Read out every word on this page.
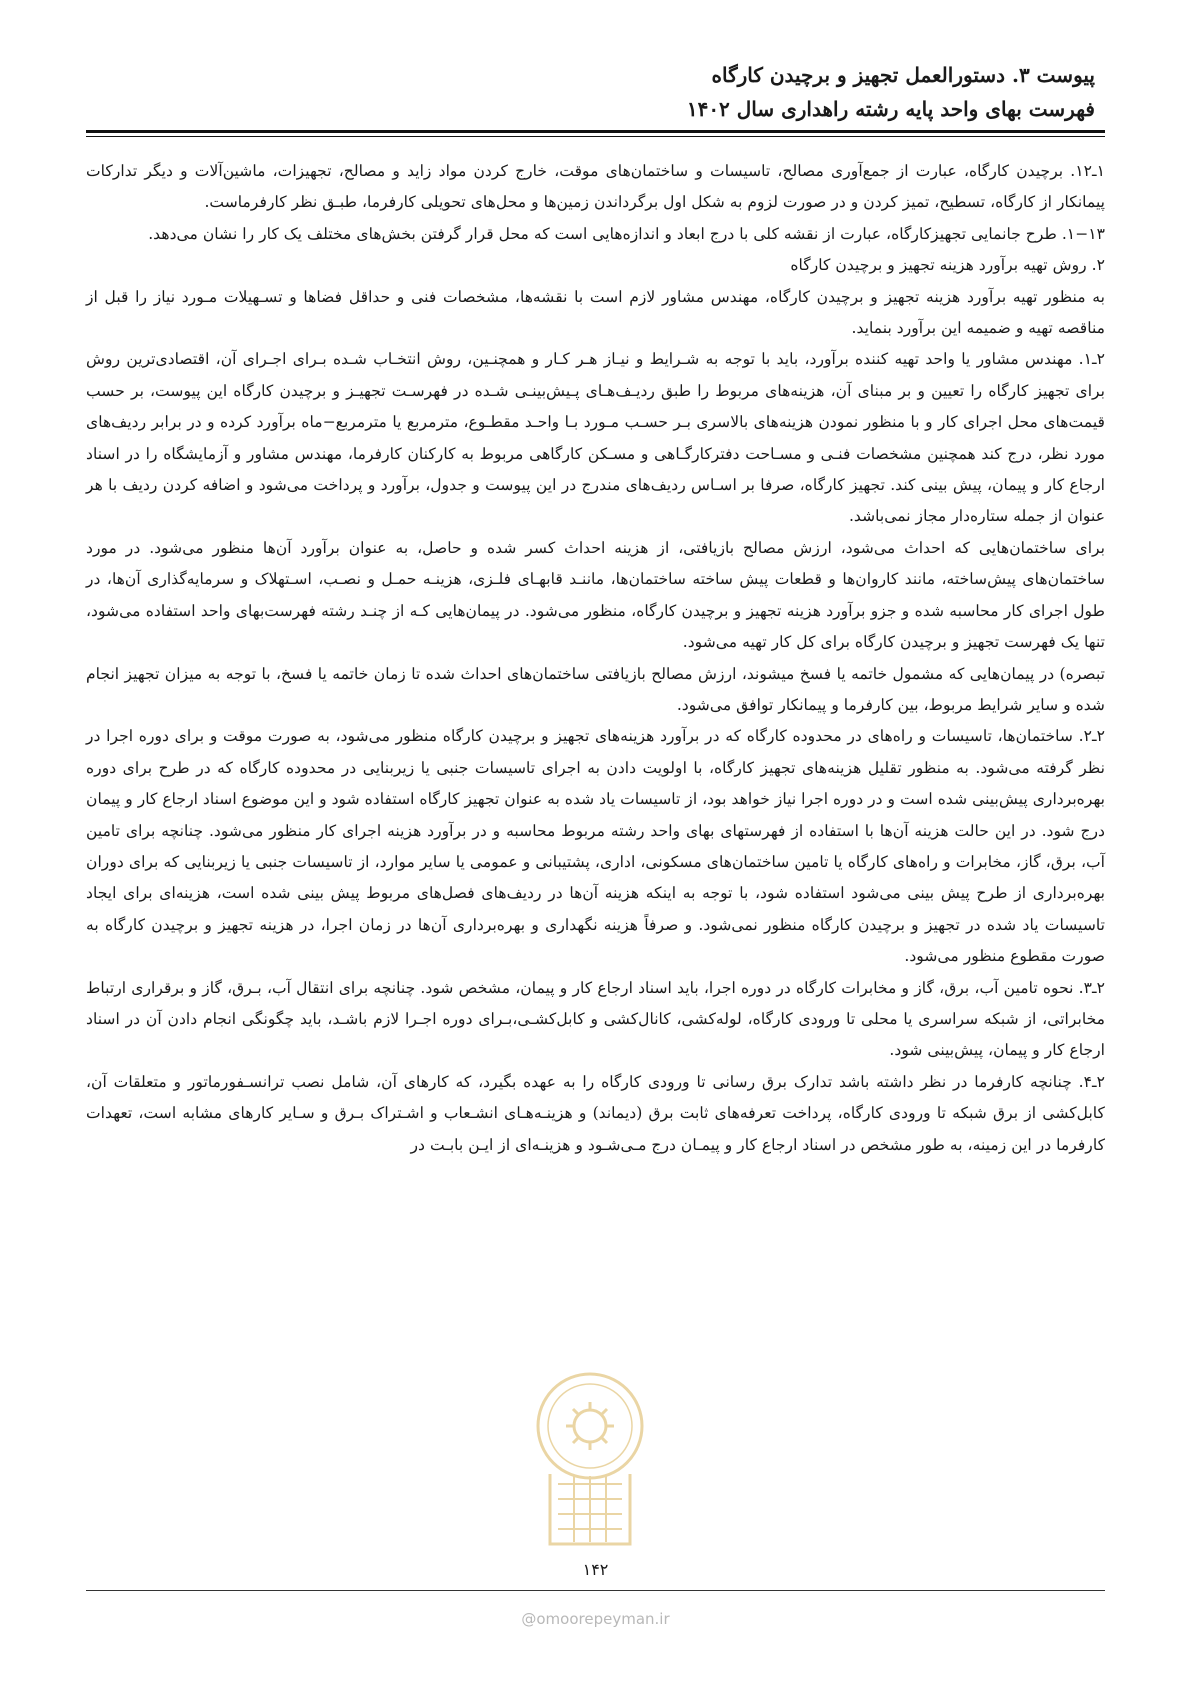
پیوست ۳. دستورالعمل تجهیز و برچیدن کارگاه
فهرست بهای واحد پایه رشته راهداری سال ۱۴۰۲

۱ـ۱۲. برچیدن کارگاه، عبارت از جمع‌آوری مصالح، تاسیسات و ساختمان‌های موقت، خارج کردن مواد زاید و مصالح، تجهیزات، ماشین‌آلات و دیگر تدارکات پیمانکار از کارگاه، تسطیح، تمیز کردن و در صورت لزوم به شکل اول برگرداندن زمین‌ها و محل‌های تحویلی کارفرما، طبـق نظر کارفرماست.

۱−۱۳. طرح جانمایی تجهیزکارگاه، عبارت از نقشه کلی با درج ابعاد و اندازه‌هایی است که محل قرار گرفتن بخش‌های مختلف یک کار را نشان می‌دهد.

۲. روش تهیه برآورد هزینه تجهیز و برچیدن کارگاه

به منظور تهیه برآورد هزینه تجهیز و برچیدن کارگاه، مهندس مشاور لازم است با نقشه‌ها، مشخصات فنی و حداقل فضاها و تسـهیلات مـورد نیاز را قبل از مناقصه تهیه و ضمیمه این برآورد بنماید.

۲ـ۱. مهندس مشاور یا واحد تهیه کننده برآورد، باید با توجه به شـرایط و نیـاز هـر کـار و همچنـین، روش انتخـاب شـده بـرای اجـرای آن، اقتصادی‌ترین روش برای تجهیز کارگاه را تعیین و بر مبنای آن، هزینه‌های مربوط را طبق ردیـف‌هـای پـیش‌بینـی شـده در فهرسـت تجهیـز و برچیدن کارگاه این پیوست، بر حسب قیمت‌های محل اجرای کار و با منظور نمودن هزینه‌های بالاسری بـر حسـب مـورد بـا واحـد مقطـوع، مترمربع یا مترمربع−ماه برآورد کرده و در برابر ردیف‌های مورد نظر، درج کند همچنین مشخصات فنـی و مسـاحت دفترکارگـاهی و مسـکن کارگاهی مربوط به کارکنان کارفرما، مهندس مشاور و آزمایشگاه را در اسناد ارجاع کار و پیمان، پیش بینی کند. تجهیز کارگاه، صرفا بر اسـاس ردیف‌های مندرج در این پیوست و جدول، برآورد و پرداخت می‌شود و اضافه کردن ردیف با هر عنوان از جمله ستاره‌دار مجاز نمی‌باشد.

برای ساختمان‌هایی که احداث می‌شود، ارزش مصالح بازیافتی، از هزینه احداث کسر شده و حاصل، به عنوان برآورد آن‌ها منظور می‌شود. در مورد ساختمان‌های پیش‌ساخته، مانند کاروان‌ها و قطعات پیش ساخته ساختمان‌ها، ماننـد قابهـای فلـزی، هزینـه حمـل و نصـب، اسـتهلاک و سرمایه‌گذاری آن‌ها، در طول اجرای کار محاسبه شده و جزو برآورد هزینه تجهیز و برچیدن کارگاه، منظور می‌شود. در پیمان‌هایی کـه از چنـد رشته فهرست‌بهای واحد استفاده می‌شود، تنها یک فهرست تجهیز و برچیدن کارگاه برای کل کار تهیه می‌شود.

تبصره) در پیمان‌هایی که مشمول خاتمه یا فسخ میشوند، ارزش مصالح بازیافتی ساختمان‌های احداث شده تا زمان خاتمه یا فسخ، با توجه به میزان تجهیز انجام شده و سایر شرایط مربوط، بین کارفرما و پیمانکار توافق می‌شود.

۲ـ۲. ساختمان‌ها، تاسیسات و راه‌های در محدوده کارگاه که در برآورد هزینه‌های تجهیز و برچیدن کارگاه منظور می‌شود، به صورت موقت و برای دوره اجرا در نظر گرفته می‌شود. به منظور تقلیل هزینه‌های تجهیز کارگاه، با اولویت دادن به اجرای تاسیسات جنبی یا زیربنایی در محدوده کارگاه که در طرح برای دوره بهره‌برداری پیش‌بینی شده است و در دوره اجرا نیاز خواهد بود، از تاسیسات یاد شده به عنوان تجهیز کارگاه استفاده شود و این موضوع اسناد ارجاع کار و پیمان درج شود. در این حالت هزینه آن‌ها با استفاده از فهرستهای بهای واحد رشته مربوط محاسبه و در برآورد هزینه اجرای کار منظور می‌شود. چنانچه برای تامین آب، برق، گاز، مخابرات و راه‌های کارگاه یا تامین ساختمان‌های مسکونی، اداری، پشتیبانی و عمومی یا سایر موارد، از تاسیسات جنبی یا زیربنایی که برای دوران بهره‌برداری از طرح پیش بینی می‌شود استفاده شود، با توجه به اینکه هزینه آن‌ها در ردیف‌های فصل‌های مربوط پیش بینی شده است، هزینه‌ای برای ایجاد تاسیسات یاد شده در تجهیز و برچیدن کارگاه منظور نمی‌شود. و صرفاً هزینه نگهداری و بهره‌برداری آن‌ها در زمان اجرا، در هزینه تجهیز و برچیدن کارگاه به صورت مقطوع منظور می‌شود.

۲ـ۳. نحوه تامین آب، برق، گاز و مخابرات کارگاه در دوره اجرا، باید اسناد ارجاع کار و پیمان، مشخص شود. چنانچه برای انتقال آب، بـرق، گاز و برقراری ارتباط مخابراتی، از شبکه سراسری یا محلی تا ورودی کارگاه، لوله‌کشی، کانال‌کشی و کابل‌کشـی،بـرای دوره اجـرا لازم باشـد، باید چگونگی انجام دادن آن در اسناد ارجاع کار و پیمان، پیش‌بینی شود.

۲ـ۴. چنانچه کارفرما در نظر داشته باشد تدارک برق رسانی تا ورودی کارگاه را به عهده بگیرد، که کارهای آن، شامل نصب ترانسـفورماتور و متعلقات آن، کابل‌کشی از برق شبکه تا ورودی کارگاه، پرداخت تعرفه‌های ثابت برق (دیماند) و هزینـه‌هـای انشـعاب و اشـتراک بـرق و سـایر کارهای مشابه است، تعهدات کارفرما در این زمینه، به طور مشخص در اسناد ارجاع کار و پیمـان درج مـی‌شـود و هزینـه‌ای از ایـن بابـت در

۱۴۲
@omoorepeyman.ir
